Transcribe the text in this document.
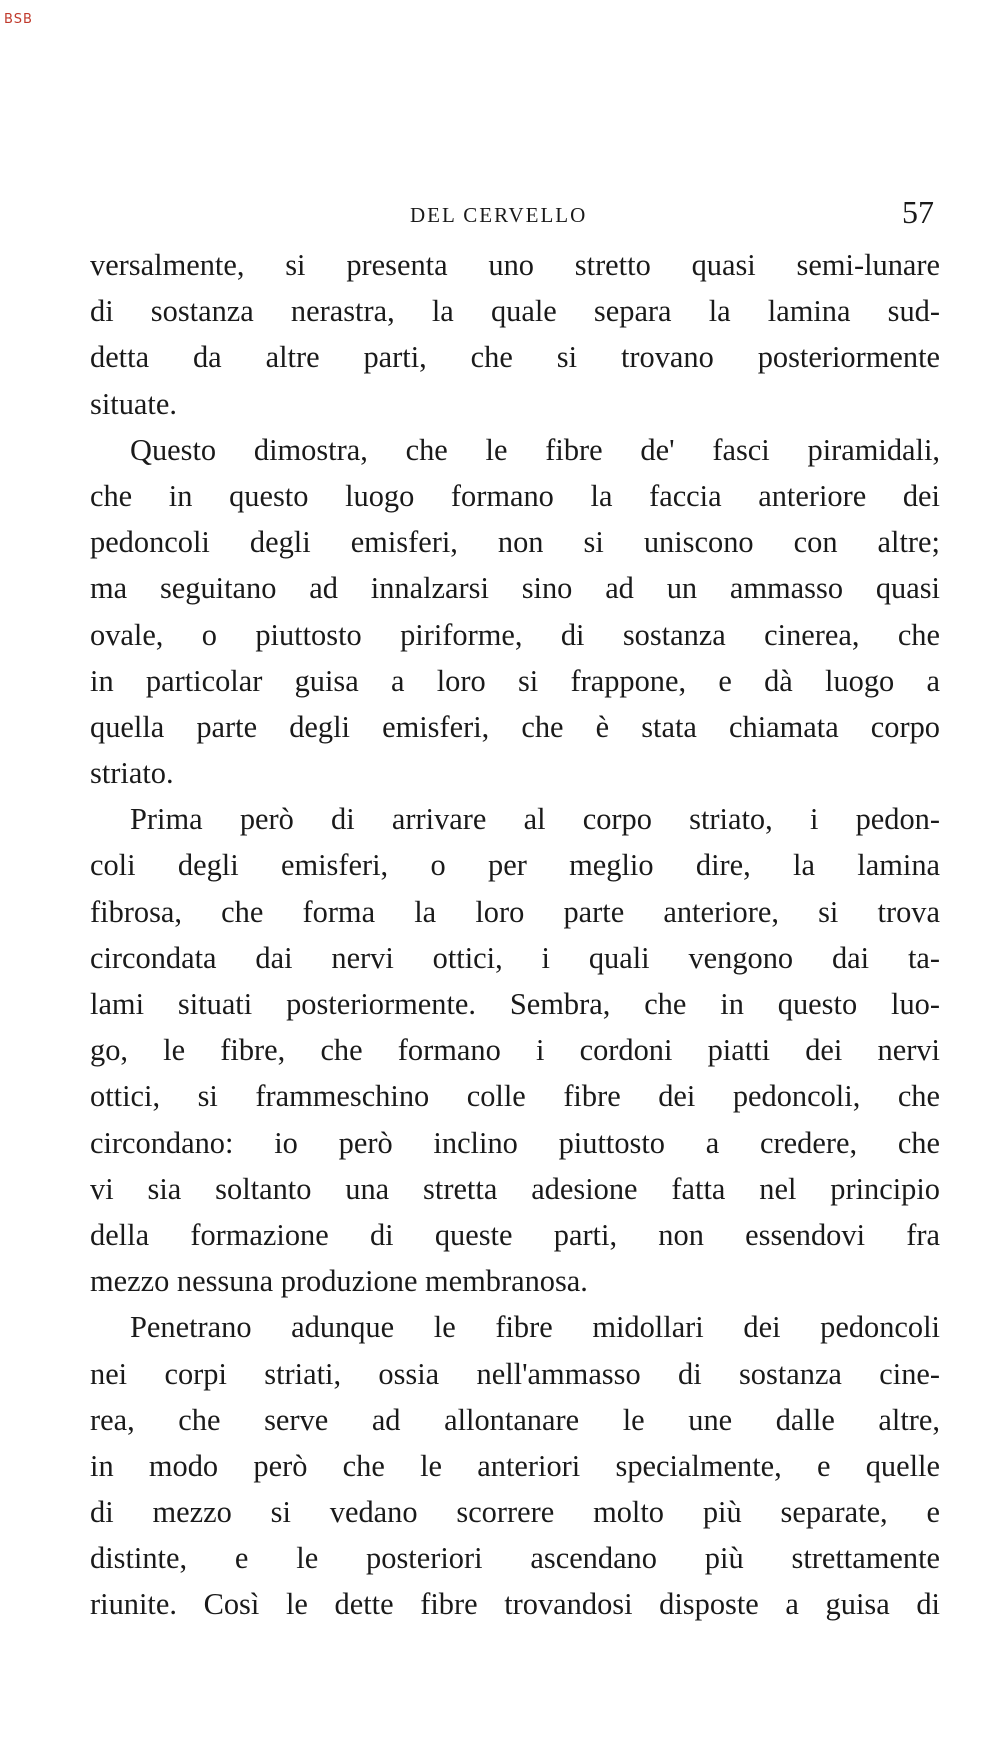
BSB
DEL CERVELLO	57
versalmente, si presenta uno stretto quasi semi-lunare
di sostanza nerastra, la quale separa la lamina sud-
detta da altre parti, che si trovano posteriormente
situate.
Questo dimostra, che le fibre de' fasci piramidali,
che in questo luogo formano la faccia anteriore dei
pedoncoli degli emisferi, non si uniscono con altre;
ma seguitano ad innalzarsi sino ad un ammasso quasi
ovale, o piuttosto piriforme, di sostanza cinerea, che
in particolar guisa a loro si frappone, e dà luogo a
quella parte degli emisferi, che è stata chiamata corpo
striato.
Prima però di arrivare al corpo striato, i pedon-
coli degli emisferi, o per meglio dire, la lamina
fibrosa, che forma la loro parte anteriore, si trova
circondata dai nervi ottici, i quali vengono dai ta-
lami situati posteriormente. Sembra, che in questo luo-
go, le fibre, che formano i cordoni piatti dei nervi
ottici, si frammeschino colle fibre dei pedoncoli, che
circondano: io però inclino piuttosto a credere, che
vi sia soltanto una stretta adesione fatta nel principio
della formazione di queste parti, non essendovi fra
mezzo nessuna produzione membranosa.
Penetrano adunque le fibre midollari dei pedoncoli
nei corpi striati, ossia nell'ammasso di sostanza cine-
rea, che serve ad allontanare le une dalle altre,
in modo però che le anteriori specialmente, e quelle
di mezzo si vedano scorrere molto più separate, e
distinte, e le posteriori ascendano più strettamente
riunite. Così le dette fibre trovandosi disposte a guisa di
